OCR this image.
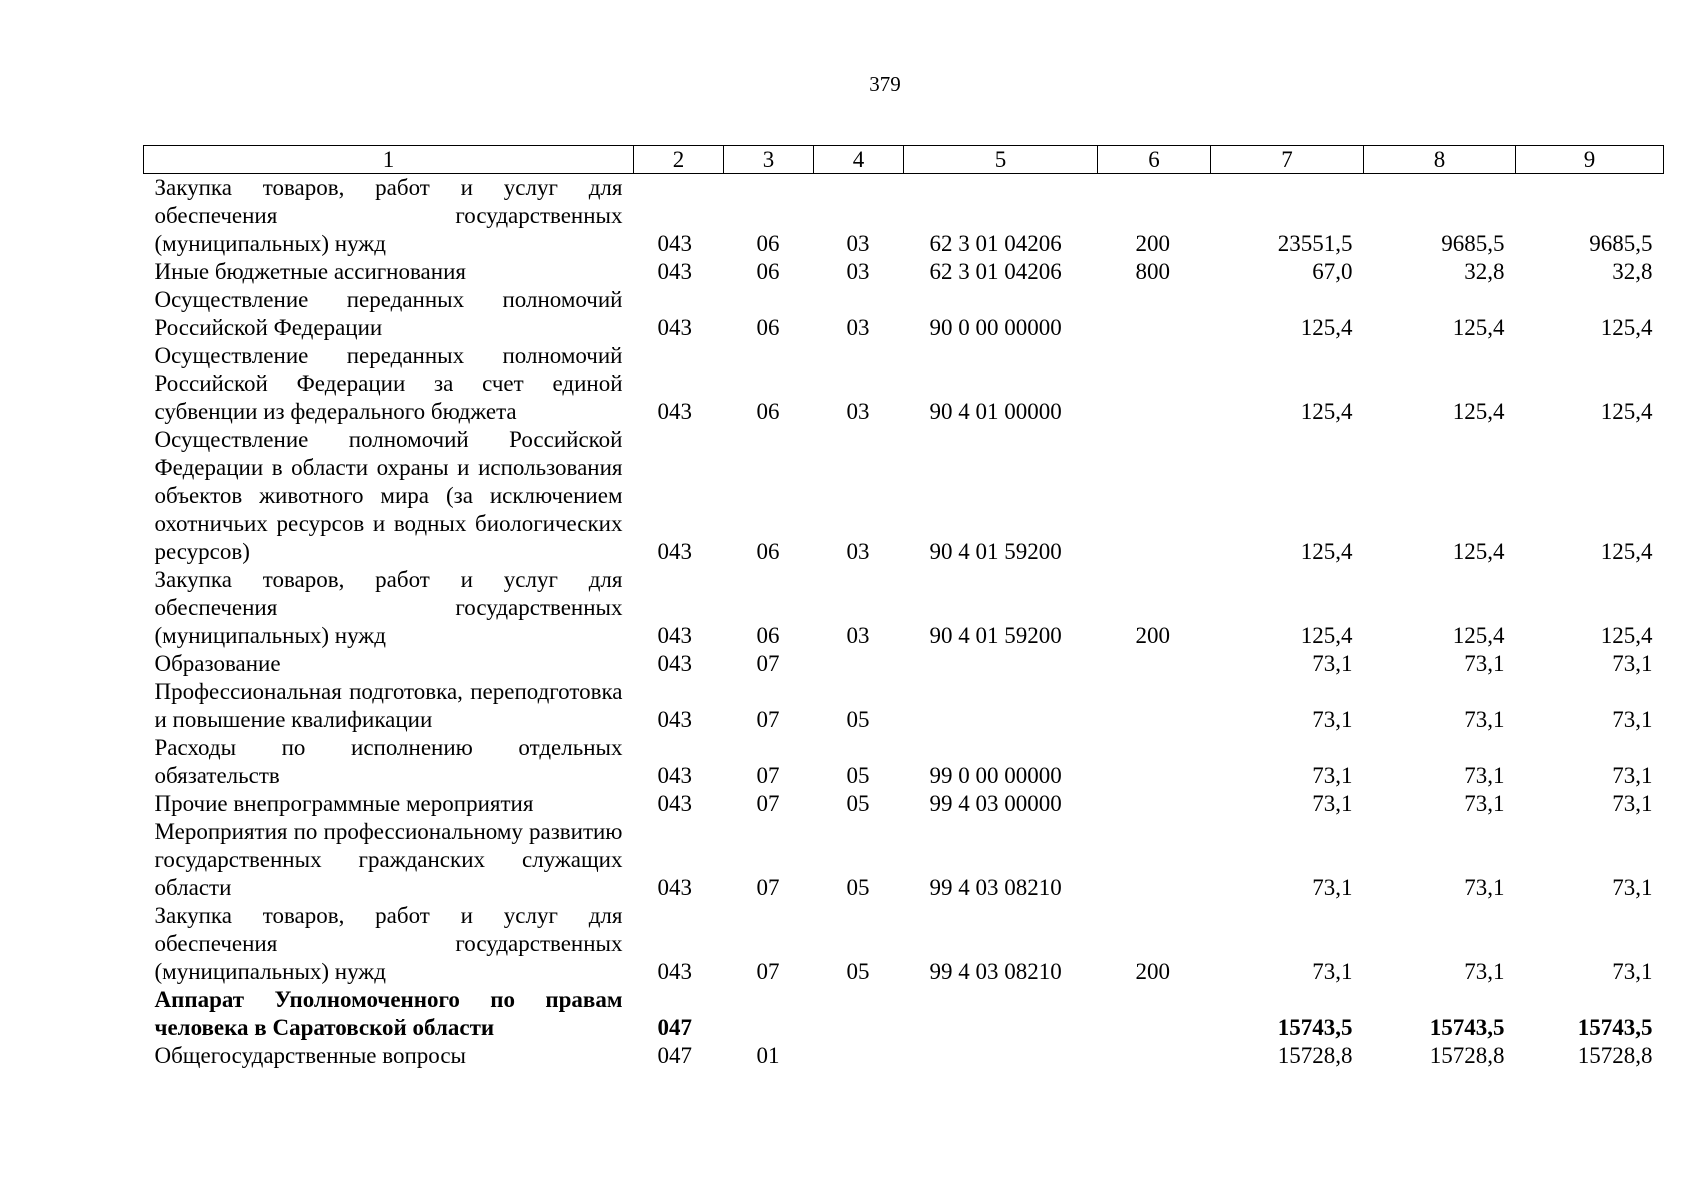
379
1	2	3	4	5	6	7	8	9
Закупка товаров, работ и услуг для обеспечения государственных (муниципальных) нужд	043	06	03	62 3 01 04206	200	23551,5	9685,5	9685,5
Иные бюджетные ассигнования	043	06	03	62 3 01 04206	800	67,0	32,8	32,8
Осуществление переданных полномочий Российской Федерации	043	06	03	90 0 00 00000		125,4	125,4	125,4
Осуществление переданных полномочий Российской Федерации за счет единой субвенции из федерального бюджета	043	06	03	90 4 01 00000		125,4	125,4	125,4
Осуществление полномочий Российской Федерации в области охраны и использования объектов животного мира (за исключением охотничьих ресурсов и водных биологических ресурсов)	043	06	03	90 4 01 59200		125,4	125,4	125,4
Закупка товаров, работ и услуг для обеспечения государственных (муниципальных) нужд	043	06	03	90 4 01 59200	200	125,4	125,4	125,4
Образование	043	07				73,1	73,1	73,1
Профессиональная подготовка, переподготовка и повышение квалификации	043	07	05			73,1	73,1	73,1
Расходы по исполнению отдельных обязательств	043	07	05	99 0 00 00000		73,1	73,1	73,1
Прочие внепрограммные мероприятия	043	07	05	99 4 03 00000		73,1	73,1	73,1
Мероприятия по профессиональному развитию государственных гражданских служащих области	043	07	05	99 4 03 08210		73,1	73,1	73,1
Закупка товаров, работ и услуг для обеспечения государственных (муниципальных) нужд	043	07	05	99 4 03 08210	200	73,1	73,1	73,1
Аппарат Уполномоченного по правам человека в Саратовской области	047					15743,5	15743,5	15743,5
Общегосударственные вопросы	047	01				15728,8	15728,8	15728,8
